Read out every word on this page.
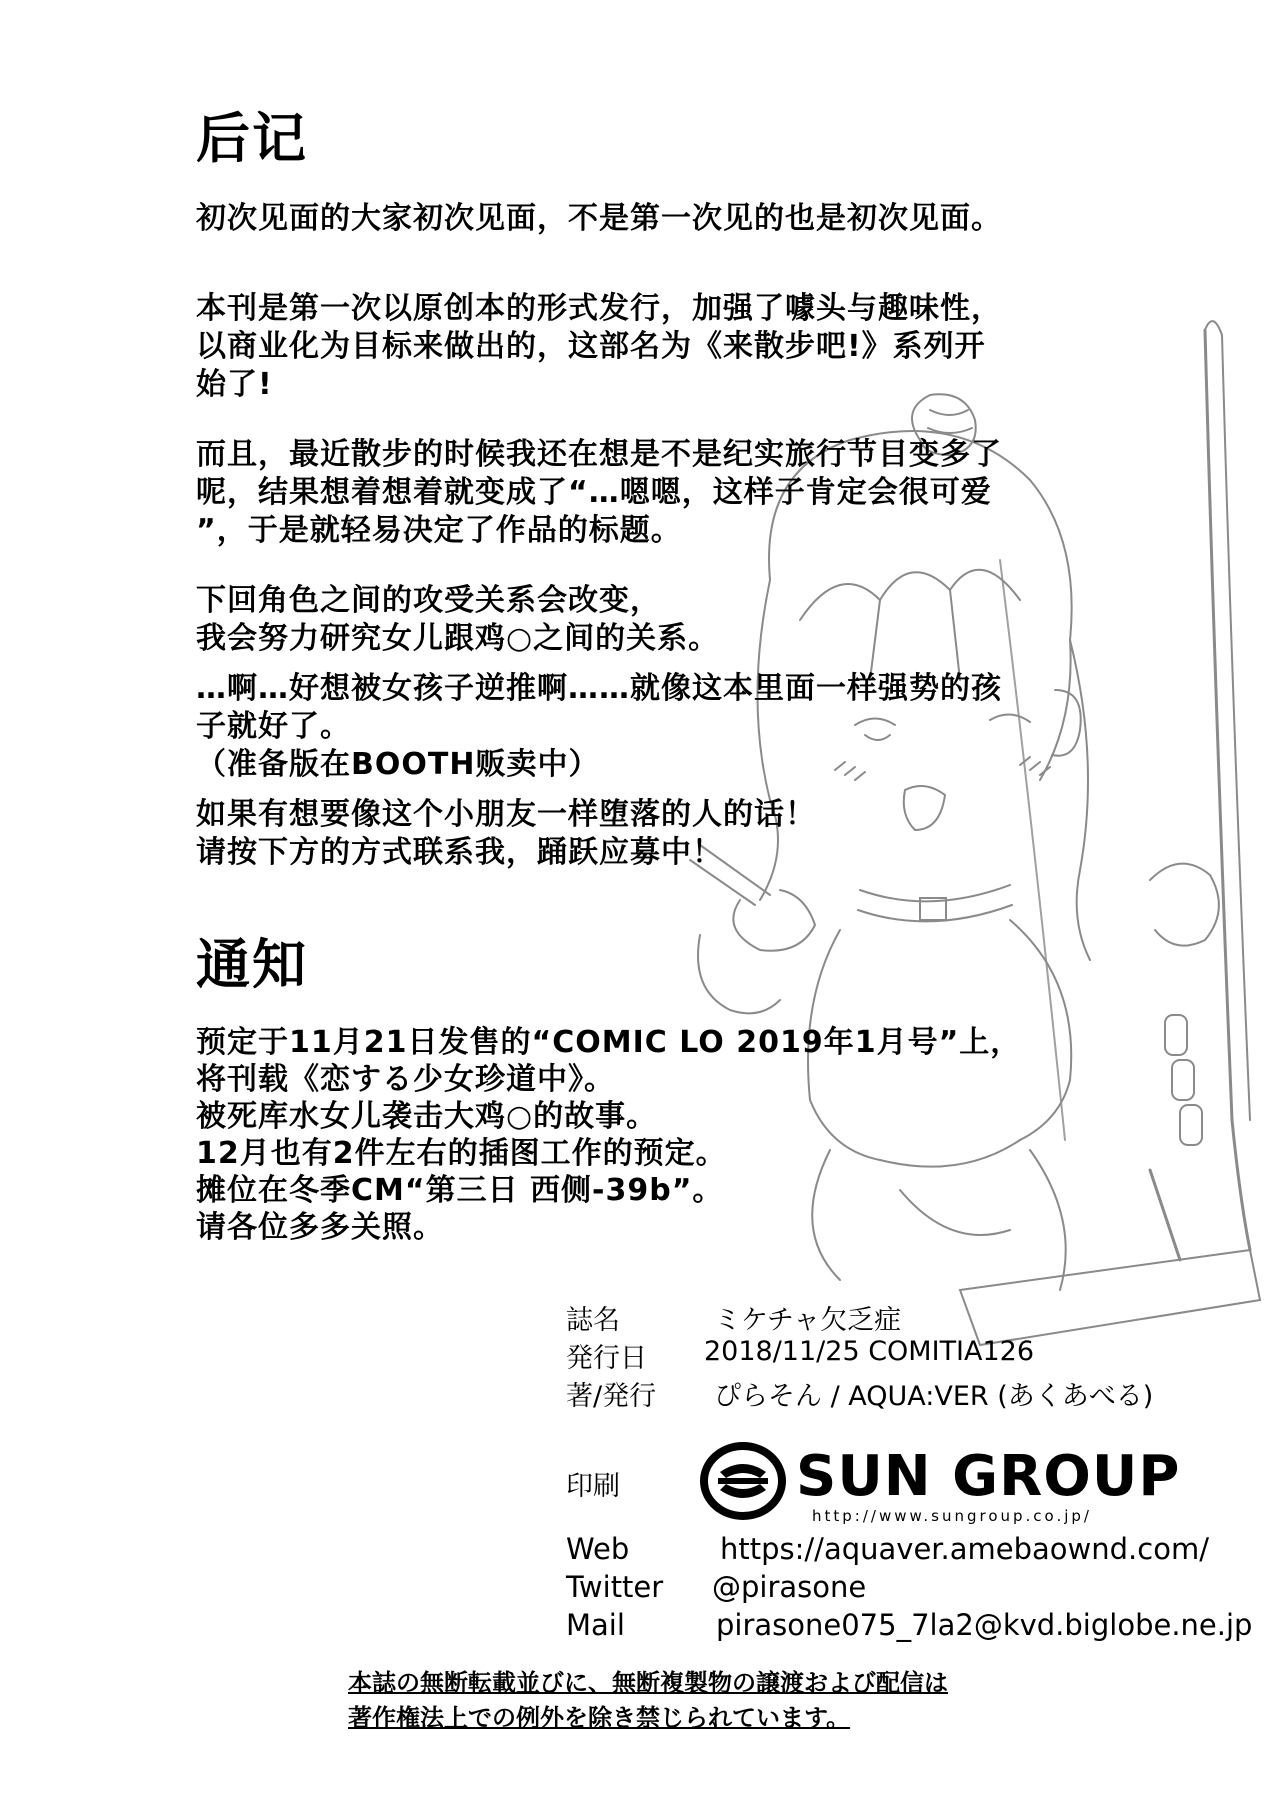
后记
初次见面的大家初次见面，不是第一次见的也是初次见面。
本刊是第一次以原创本的形式发行，加强了噱头与趣味性，
以商业化为目标来做出的，这部名为《来散步吧!》系列开
始了!
而且，最近散步的时候我还在想是不是纪实旅行节目变多了
呢，结果想着想着就变成了“…嗯嗯，这样子肯定会很可爱
”，于是就轻易决定了作品的标题。
下回角色之间的攻受关系会改变，
我会努力研究女儿跟鸡○之间的关系。
…啊…好想被女孩子逆推啊……就像这本里面一样强势的孩
子就好了。
（准备版在BOOTH贩卖中）
如果有想要像这个小朋友一样堕落的人的话！
请按下方的方式联系我，踊跃应募中！
通知
预定于11月21日发售的“COMIC LO 2019年1月号”上，
将刊载《恋する少女珍道中》。
被死库水女儿袭击大鸡○的故事。
12月也有2件左右的插图工作的预定。
摊位在冬季CM“第三日 西侧-39b”。
请各位多多关照。
誌名	ミケチャ欠乏症
発行日 2018/11/25 COMITIA126
著/発行 ぴらそん / AQUA:VER (あくあべる)
印刷	SUN GROUP
http://www.sungroup.co.jp/
Web	https://aquaver.amebaownd.com/
Twitter @pirasone
Mail	pirasone075_7la2@kvd.biglobe.ne.jp
本誌の無断転載並びに、無断複製物の譲渡および配信は
著作権法上での例外を除き禁じられています。
